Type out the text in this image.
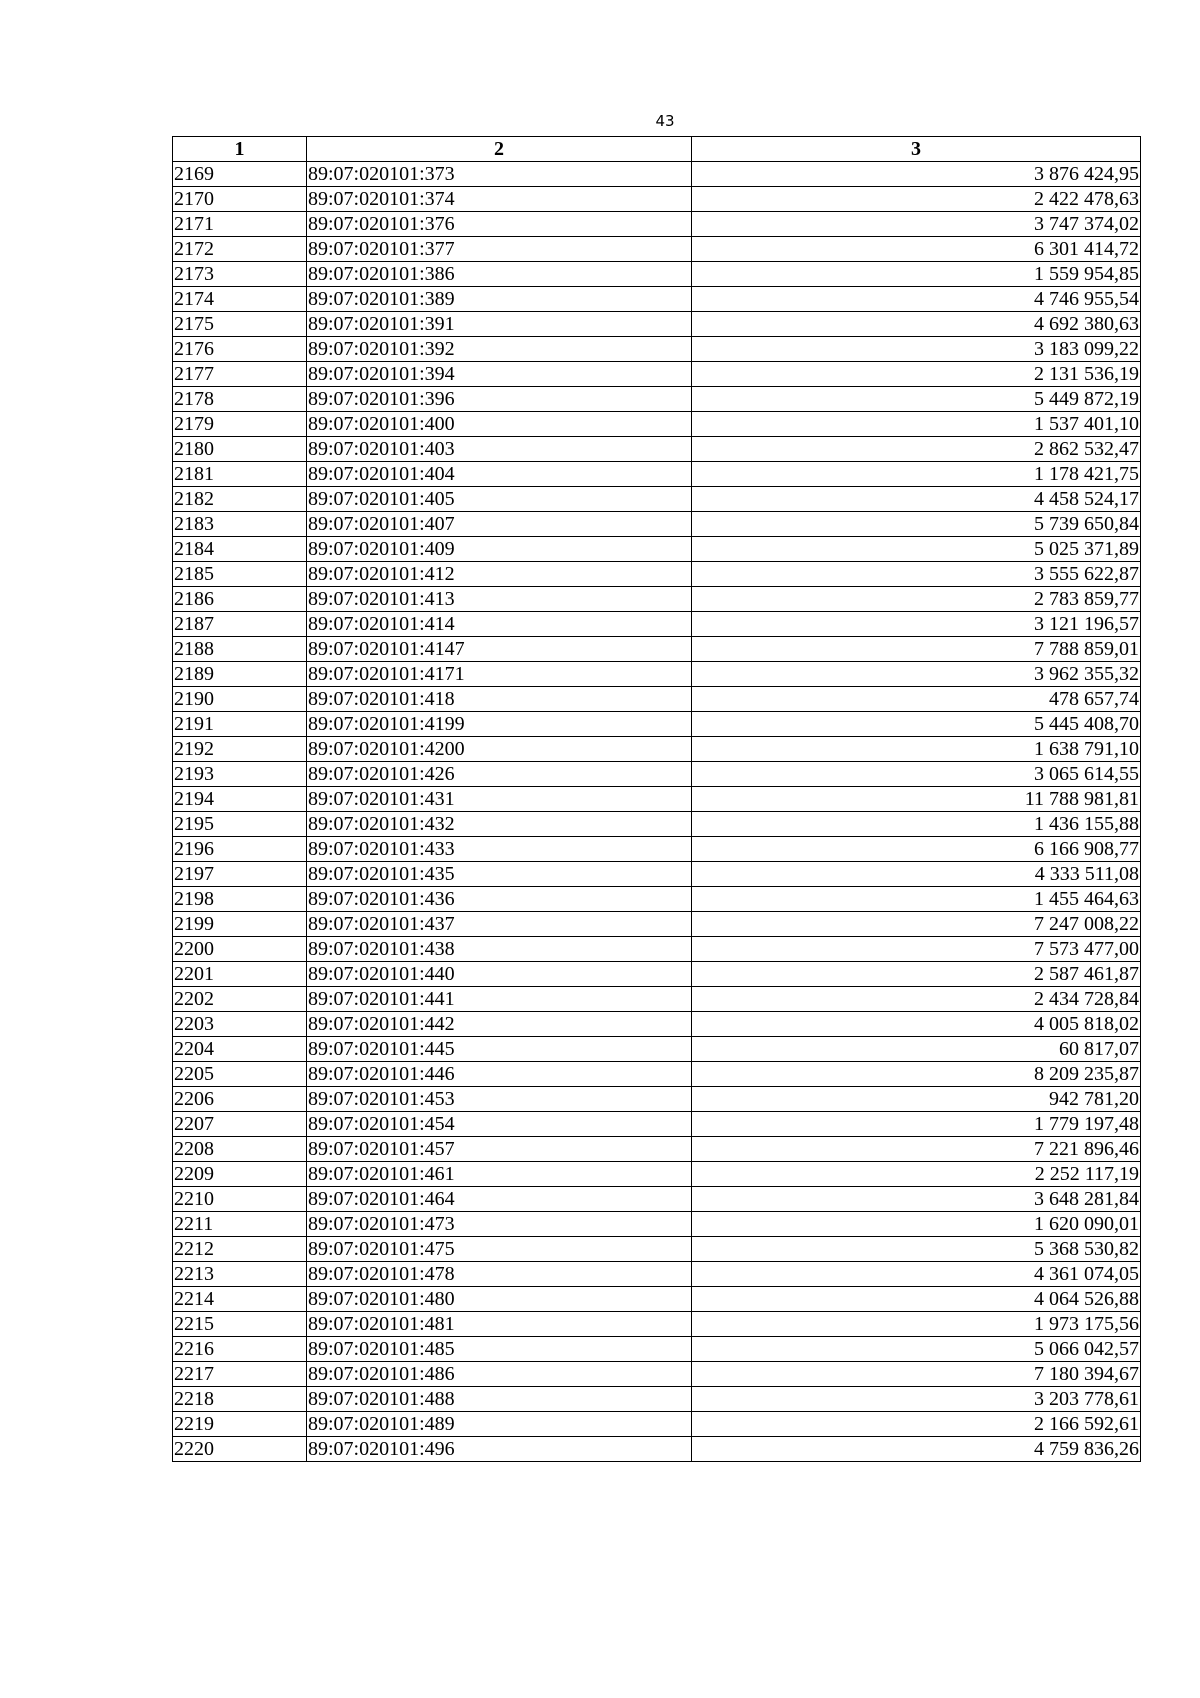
43
1	2	3
2169	89:07:020101:373	3 876 424,95
2170	89:07:020101:374	2 422 478,63
2171	89:07:020101:376	3 747 374,02
2172	89:07:020101:377	6 301 414,72
2173	89:07:020101:386	1 559 954,85
2174	89:07:020101:389	4 746 955,54
2175	89:07:020101:391	4 692 380,63
2176	89:07:020101:392	3 183 099,22
2177	89:07:020101:394	2 131 536,19
2178	89:07:020101:396	5 449 872,19
2179	89:07:020101:400	1 537 401,10
2180	89:07:020101:403	2 862 532,47
2181	89:07:020101:404	1 178 421,75
2182	89:07:020101:405	4 458 524,17
2183	89:07:020101:407	5 739 650,84
2184	89:07:020101:409	5 025 371,89
2185	89:07:020101:412	3 555 622,87
2186	89:07:020101:413	2 783 859,77
2187	89:07:020101:414	3 121 196,57
2188	89:07:020101:4147	7 788 859,01
2189	89:07:020101:4171	3 962 355,32
2190	89:07:020101:418	478 657,74
2191	89:07:020101:4199	5 445 408,70
2192	89:07:020101:4200	1 638 791,10
2193	89:07:020101:426	3 065 614,55
2194	89:07:020101:431	11 788 981,81
2195	89:07:020101:432	1 436 155,88
2196	89:07:020101:433	6 166 908,77
2197	89:07:020101:435	4 333 511,08
2198	89:07:020101:436	1 455 464,63
2199	89:07:020101:437	7 247 008,22
2200	89:07:020101:438	7 573 477,00
2201	89:07:020101:440	2 587 461,87
2202	89:07:020101:441	2 434 728,84
2203	89:07:020101:442	4 005 818,02
2204	89:07:020101:445	60 817,07
2205	89:07:020101:446	8 209 235,87
2206	89:07:020101:453	942 781,20
2207	89:07:020101:454	1 779 197,48
2208	89:07:020101:457	7 221 896,46
2209	89:07:020101:461	2 252 117,19
2210	89:07:020101:464	3 648 281,84
2211	89:07:020101:473	1 620 090,01
2212	89:07:020101:475	5 368 530,82
2213	89:07:020101:478	4 361 074,05
2214	89:07:020101:480	4 064 526,88
2215	89:07:020101:481	1 973 175,56
2216	89:07:020101:485	5 066 042,57
2217	89:07:020101:486	7 180 394,67
2218	89:07:020101:488	3 203 778,61
2219	89:07:020101:489	2 166 592,61
2220	89:07:020101:496	4 759 836,26
